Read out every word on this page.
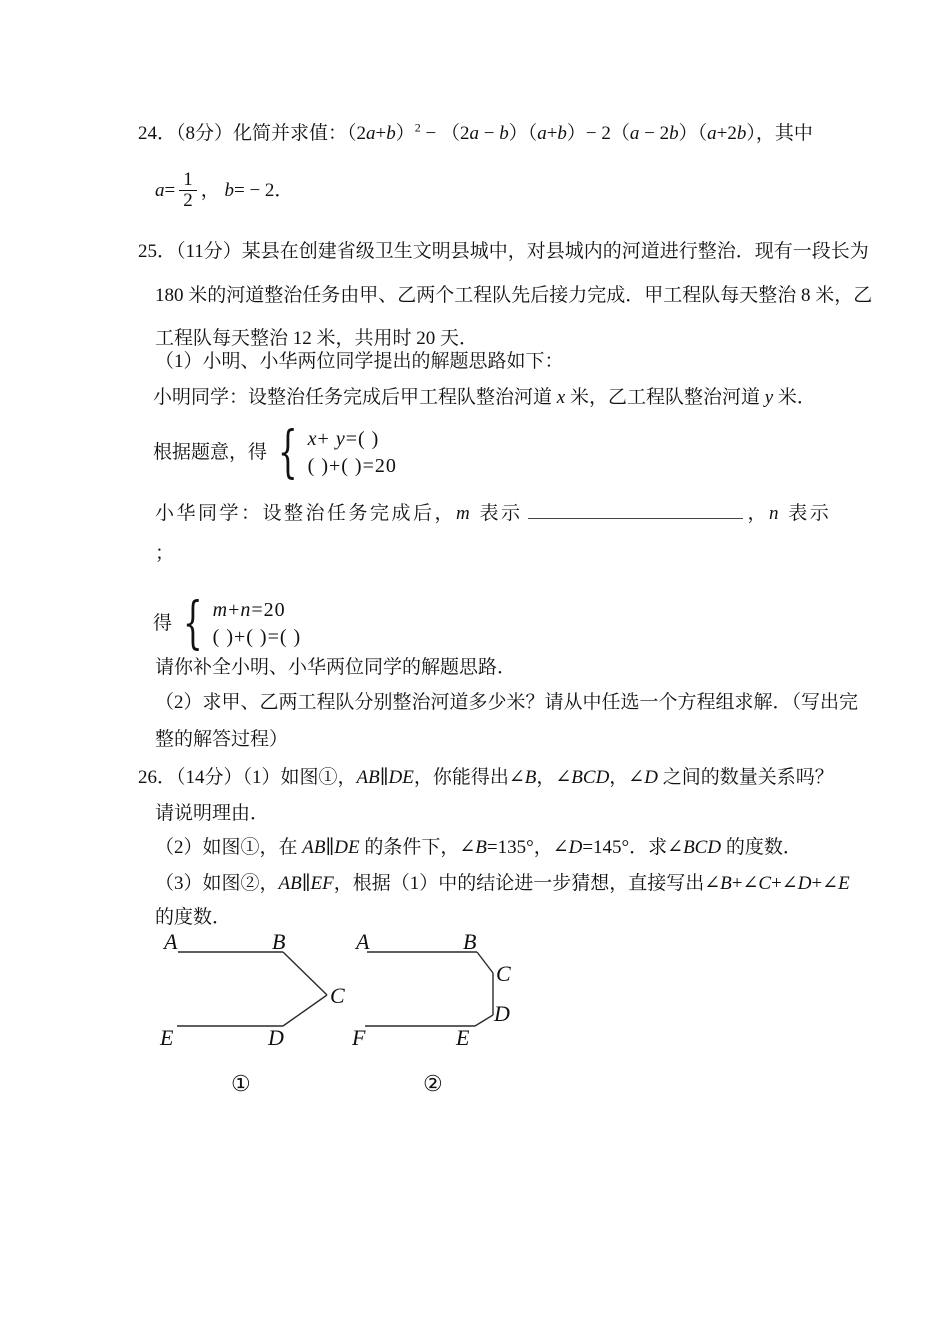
24．（8分）化简并求值：$(2a+b)^2 - (2a - b)(a+b)- 2(a - 2b)(a+2b)$，其中
$a= \frac{1}{2}$ ， b= − 2．
25．（11分）某县在创建省级卫生文明县城中，对县城内的河道进行整治．现有一段长为
180 米的河道整治任务由甲、乙两个工程队先后接力完成．甲工程队每天整治 8 米，乙
工程队每天整治 12 米，共用时 20 天．
（1）小明、小华两位同学提出的解题思路如下：
小明同学：设整治任务完成后甲工程队整治河道 x 米，乙工程队整治河道 y 米．
根据题意，得 { x+ y=( )
( )+( )=20
小华同学：设整治任务完成后，m 表示	，n 表示
；
得 { m+n=20
( )+( )=( )
请你补全小明、小华两位同学的解题思路．
（2）求甲、乙两工程队分别整治河道多少米？请从中任选一个方程组求解．（写出完
整的解答过程）
26．（14分）（1）如图①，AB∥DE，你能得出∠B，∠BCD，∠D 之间的数量关系吗？
请说明理由．
（2）如图①，在 AB∥DE 的条件下，∠B=135°，∠D=145°．求∠BCD 的度数．
（3）如图②，AB∥EF，根据（1）中的结论进一步猜想，直接写出∠B+∠C+∠D+∠E
的度数．
A	B
C
E	D
A	B
C
D
F	E
①	②
